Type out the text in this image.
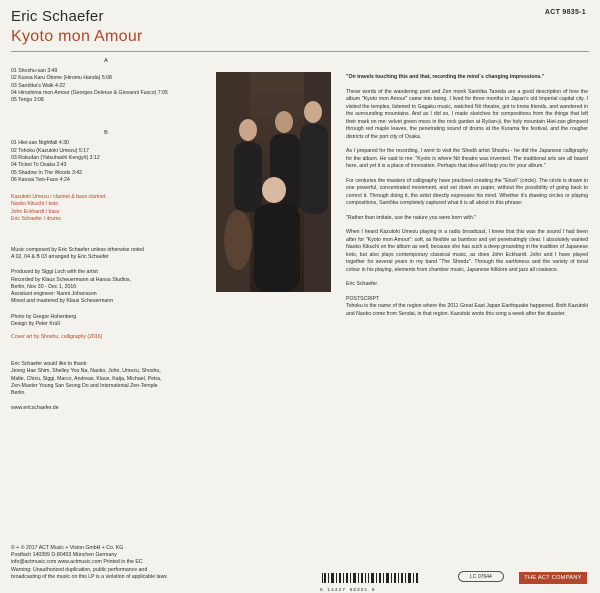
Eric Schaefer
Kyoto mon Amour
ACT 9835-1
A
01 Shoshu-san 3:49
02 Kussa Karu Otome (Hiromu Handa) 5:08
03 Santōka's Walk 4:22
04 Hiroshima mon Amour (Georges Delerue & Giovanni Fusco) 7:05
05 Tengu 3:08
B
01 Hiei-zan Nightfall 4:30
02 Tohoku (Kazutoki Umezu) 5:17
03 Rokudan (Yatsuhashi Kengyō) 3:12
04 Ticket To Osaka 2:43
05 Shadow In The Woods 3:42
06 Kansai Two-Face 4:24
Kazutoki Umezu / clarinet & bass clarinet
Naoko Kikuchi / koto
John Eckhardt / bass
Eric Schaefer / drums
Music composed by Eric Schaefer unless otherwise noted
A 02, 04 & B 03 arranged by Eric Schaefer
Produced by Siggi Loch with the artist
Recorded by Klaus Scheuermann at Hansa Studios,
Berlin, Nov 30 - Dec 1, 2016
Assistant engineer: Nanni Johansson
Mixed and mastered by Klaus Scheuermann
Photo by Gregor Hohenberg
Design by Peter Krüll
Cover art by Shoshu, calligraphy (2016)
Eric Schaefer would like to thank:
Jeong Hae Shim, Shelley You Na, Naoko, John, Umezu, Shoshu,
Malte, Chizu, Siggi, Marco, Andreas, Klaus, Katja, Michael, Petra,
Zen-Master Young San Seong Do and International Zen-Temple
Berlin.
www.ericschaefer.de
© + ℗ 2017 ACT Music + Vision GmbH + Co. KG
Postfach 140399 D-80453 München Germany
info@actmusic.com www.actmusic.com Printed in the EC
Warning: Unauthorized duplication, public performance and
broadcasting of the music on this LP is a violation of applicable laws
"On travels touching this and that, recording the mind´s changing impressions."
These words of the wandering poet and Zen monk Santōka Taneda are a good description of how the album "Kyoto mon Amour" came into being. I lived for three months in Japan's old Imperial capital city. I visited the temples, listened to Gagaku music, watched Nō theatre, got to know friends, and wandered in the surrounding mountains. And as I did so, I made sketches for compositions from the things that left their mark on me: velvet green moss in the rock garden at Ryōan-ji, the holy mountain Hiei-zan glimpsed through red maple leaves, the penetrating sound of drums at the Kurama fire festival, and the rougher districts of the port city of Osaka.
As I prepared for the recording, I went to visit the Shodō artist Shoshu - he did the Japanese calligraphy for the album. He said to me: "Kyoto is where Nō theatre was invented. The traditional arts are all based here, and yet it is a place of innovation. Perhaps that idea will help you for your album."
For centuries the masters of calligraphy have practised creating the "Ensō" (circle). The circle is drawn in one powerful, concentrated movement, and set down on paper, without the possibility of going back to correct it. Through doing it, the artist directly expresses his mind. Whether it's drawing circles or playing compositions, Santōka completely captured what it is all about in this phrase:
"Rather than imitate, use the nature you were born with."
When I heard Kazutoki Umezu playing in a radio broadcast, I knew that this was the sound I had been after for "Kyoto mon Amour": soft, as flexible as bamboo and yet penetratingly clear. I absolutely wanted Naoko Kikuchi on the album as well, because she has such a deep grounding in the tradition of Japanese koto, but also plays contemporary classical music, as does John Eckhardt. John and I have played together for several years in my band "The Shredz". Through the earthiness and the variety of tonal colour in his playing, elements from chamber music, Japanese folklore and jazz all coalesce.
Eric Schaefer
POSTSCRIPT
Tohoku is the name of the region where the 2011 Great East Japan Earthquake happened. Both Kazutoki and Naoko come from Sendai, in that region. Kazutoki wrote this song a week after the disaster.
6 14427 98351 0
LC 07644	THE ACT COMPANY
